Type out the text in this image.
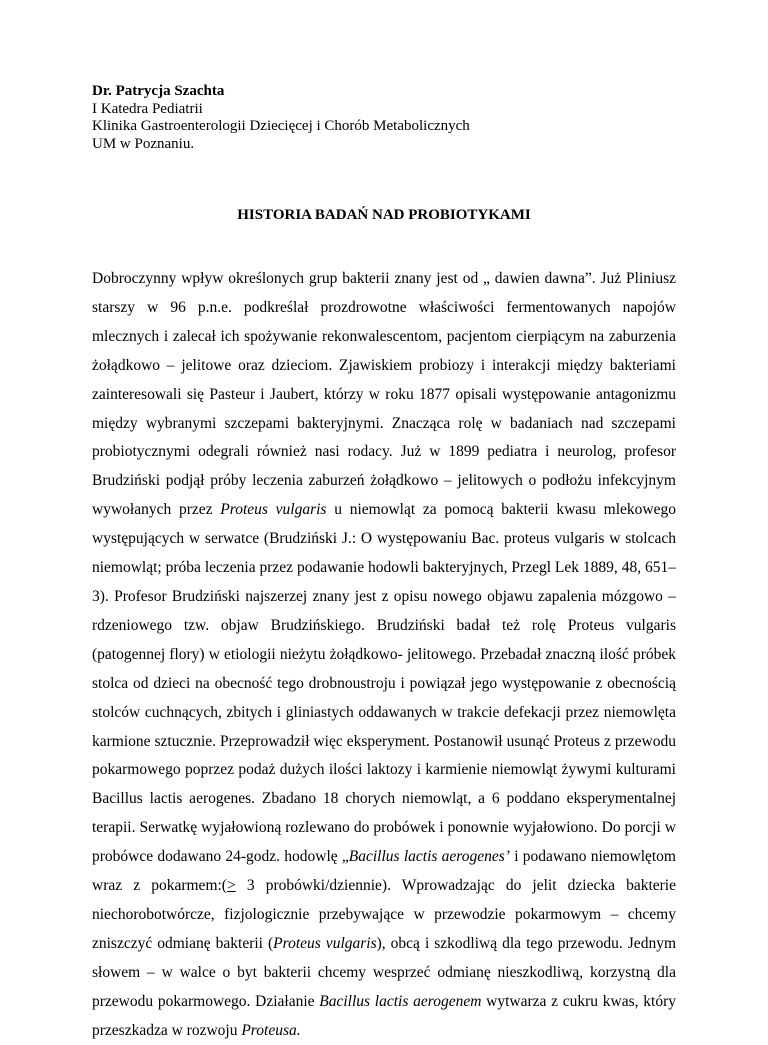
Dr. Patrycja Szachta
I Katedra Pediatrii
Klinika Gastroenterologii Dziecięcej i Chorób Metabolicznych
UM w Poznaniu.
HISTORIA BADAŃ NAD PROBIOTYKAMI

Dobroczynny wpływ określonych grup bakterii znany jest od „ dawien dawna”. Już Pliniusz starszy w 96 p.n.e. podkreślał prozdrowotne właściwości fermentowanych napojów mlecznych i zalecał ich spożywanie rekonwalescentom, pacjentom cierpiącym na zaburzenia żołądkowo – jelitowe oraz dzieciom. Zjawiskiem probiozy i interakcji między bakteriami zainteresowali się Pasteur i Jaubert, którzy w roku 1877 opisali występowanie antagonizmu między wybranymi szczepami bakteryjnymi. Znacząca rolę w badaniach nad szczepami probiotycznymi odegrali również nasi rodacy. Już w 1899 pediatra i neurolog, profesor Brudziński podjął próby leczenia zaburzeń żołądkowo – jelitowych o podłożu infekcyjnym wywołanych przez Proteus vulgaris u niemowląt za pomocą bakterii kwasu mlekowego występujących w serwatce (Brudziński J.: O występowaniu Bac. proteus vulgaris w stolcach niemowląt; próba leczenia przez podawanie hodowli bakteryjnych, Przegl Lek 1889, 48, 651–3). Profesor Brudziński najszerzej znany jest z opisu nowego objawu zapalenia mózgowo – rdzeniowego tzw. objaw Brudzińskiego. Brudziński badał też rolę Proteus vulgaris (patogennej flory) w etiologii nieżytu żołądkowo- jelitowego. Przebadał znaczną ilość próbek stolca od dzieci na obecność tego drobnoustroju i powiązał jego występowanie z obecnością stolców cuchnących, zbitych i gliniastych oddawanych w trakcie defekacji przez niemowlęta karmione sztucznie. Przeprowadził więc eksperyment. Postanowił usunąć Proteus z przewodu pokarmowego poprzez podaż dużych ilości laktozy i karmienie niemowląt żywymi kulturami Bacillus lactis aerogenes. Zbadano 18 chorych niemowląt, a 6 poddano eksperymentalnej terapii. Serwatkę wyjałowioną rozlewano do probówek i ponownie wyjałowiono. Do porcji w probówce dodawano 24-godz. hodowlę „Bacillus lactis aerogenes’ i podawano niemowlętom wraz z pokarmem:(≥ 3 probówki/dziennie). Wprowadzając do jelit dziecka bakterie niechorobotwórcze, fizjologicznie przebywające w przewodzie pokarmowym – chcemy zniszczyć odmianę bakterii (Proteus vulgaris), obcą i szkodliwą dla tego przewodu. Jednym słowem – w walce o byt bakterii chcemy wesprzeć odmianę nieszkodliwą, korzystną dla przewodu pokarmowego. Działanie Bacillus lactis aerogenem wytwarza z cukru kwas, który przeszkadza w rozwoju Proteusa.
